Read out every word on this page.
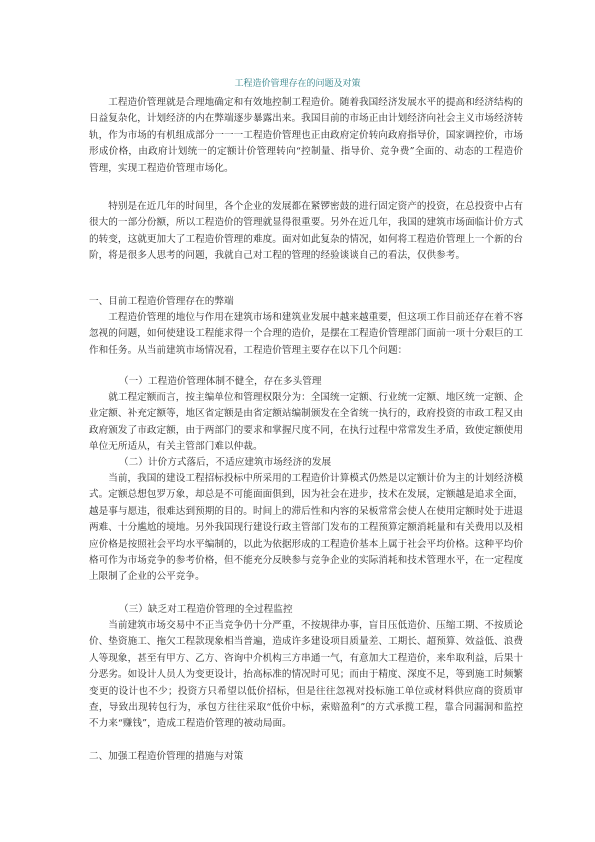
工程造价管理存在的问题及对策
工程造价管理就是合理地确定和有效地控制工程造价。随着我国经济发展水平的提高和经济结构的日益复杂化，计划经济的内在弊端逐步暴露出来。我国目前的市场正由计划经济向社会主义市场经济转轨，作为市场的有机组成部分一一一工程造价管理也正由政府定价转向政府指导价，国家调控价，市场形成价格，由政府计划统一的定额计价管理转向“控制量、指导价、竞争费”全面的、动态的工程造价管理，实现工程造价管理市场化。
特别是在近几年的时间里，各个企业的发展都在紧锣密鼓的进行固定资产的投资，在总投资中占有很大的一部分份额，所以工程造价的管理就显得很重要。另外在近几年，我国的建筑市场面临计价方式的转变，这就更加大了工程造价管理的难度。面对如此复杂的情况，如何将工程造价管理上一个新的台阶，将是很多人思考的问题，我就自己对工程的管理的经验谈谈自己的看法，仅供参考。
一、目前工程造价管理存在的弊端
工程造价管理的地位与作用在建筑市场和建筑业发展中越来越重要，但这项工作目前还存在着不容忽视的问题，如何使建设工程能求得一个合理的造价，是摆在工程造价管理部门面前一项十分艰巨的工作和任务。从当前建筑市场情况看，工程造价管理主要存在以下几个问题：
（一）工程造价管理体制不健全，存在多头管理
就工程定额而言，按主编单位和管理权限分为：全国统一定额、行业统一定额、地区统一定额、企业定额、补充定额等，地区省定额是由省定额站编制颁发在全省统一执行的，政府投资的市政工程又由政府颁发了市政定额，由于两部门的要求和掌握尺度不同，在执行过程中常常发生矛盾，致使定额使用单位无所适从，有关主管部门难以仲裁。
（二）计价方式落后，不适应建筑市场经济的发展
当前，我国的建设工程招标投标中所采用的工程造价计算模式仍然是以定额计价为主的计划经济模式。定额总想包罗万象，却总是不可能面面俱到，因为社会在进步，技术在发展，定额越是追求全面，越是事与愿违，很难达到预期的目的。时间上的滞后性和内容的呆板常常会使人在使用定额时处于进退两难、十分尴尬的境地。另外我国现行建设行政主管部门发布的工程预算定额消耗量和有关费用以及相应价格是按照社会平均水平编制的，以此为依据形成的工程造价基本上属于社会平均价格。这种平均价格可作为市场竞争的参考价格，但不能充分反映参与竞争企业的实际消耗和技术管理水平，在一定程度上限制了企业的公平竞争。
（三）缺乏对工程造价管理的全过程监控
当前建筑市场交易中不正当竞争仍十分严重，不按规律办事，盲目压低造价、压缩工期、不按质论价、垫资施工、拖欠工程款现象相当普遍，造成许多建设项目质量差、工期长、超预算、效益低、浪费人等现象，甚至有甲方、乙方、咨询中介机构三方串通一气，有意加大工程造价，来牟取利益，后果十分恶劣。如设计人员人为变更设计，抬高标准的情况时可见；而由于精度、深度不足，等到施工时频繁变更的设计也不少；投资方只希望以低价招标，但是往往忽视对投标施工单位或材料供应商的资质审查，导致出现转包行为，承包方往往采取“低价中标，索赔盈利”的方式承揽工程，靠合同漏洞和监控不力来“赚钱”，造成工程造价管理的被动局面。
二、加强工程造价管理的措施与对策
